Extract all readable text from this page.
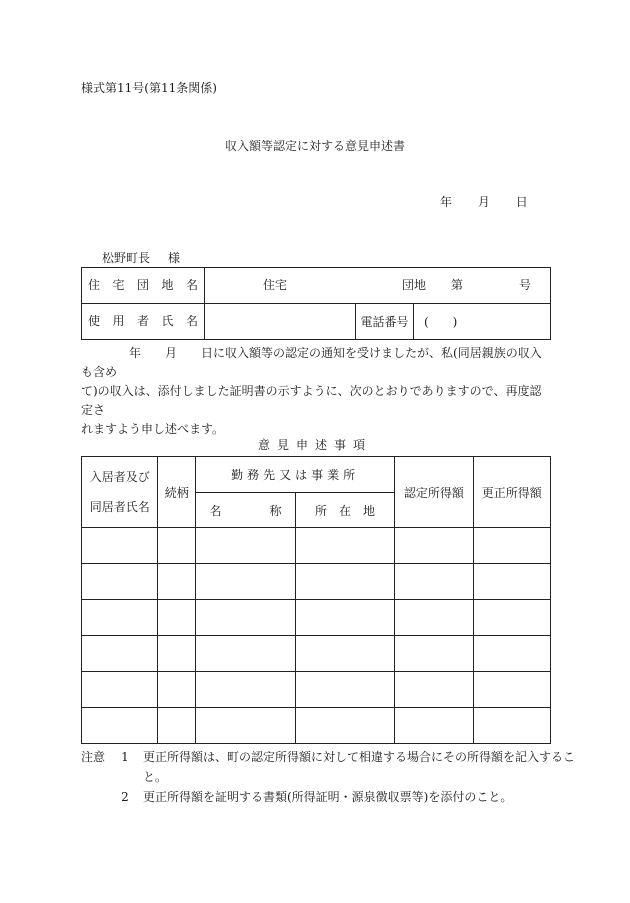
様式第11号(第11条関係)
収入額等認定に対する意見申述書
年 月 日
松野町長 様
住 宅 団 地 名	住宅 団地 第 号		

使 用 者 氏 名		電話番号	(　　)

年 月 日に収入額等の認定の通知を受けましたが、私(同居親族の収入も含め

て)の収入は、添付しました証明書の示すように、次のとおりでありますので、再度認定さ

れますよう申し述べます。

意見申述事項
入居者及び
同居者氏名	続柄	勤務先又は事業所		認定所得額	更正所得額
		名　　　　称	所　在　地		

注意	1	更正所得額は、町の認定所得額に対して相違する場合にその所得額を記入するこ
と。
2	更正所得額を証明する書類(所得証明・源泉徴収票等)を添付のこと。
